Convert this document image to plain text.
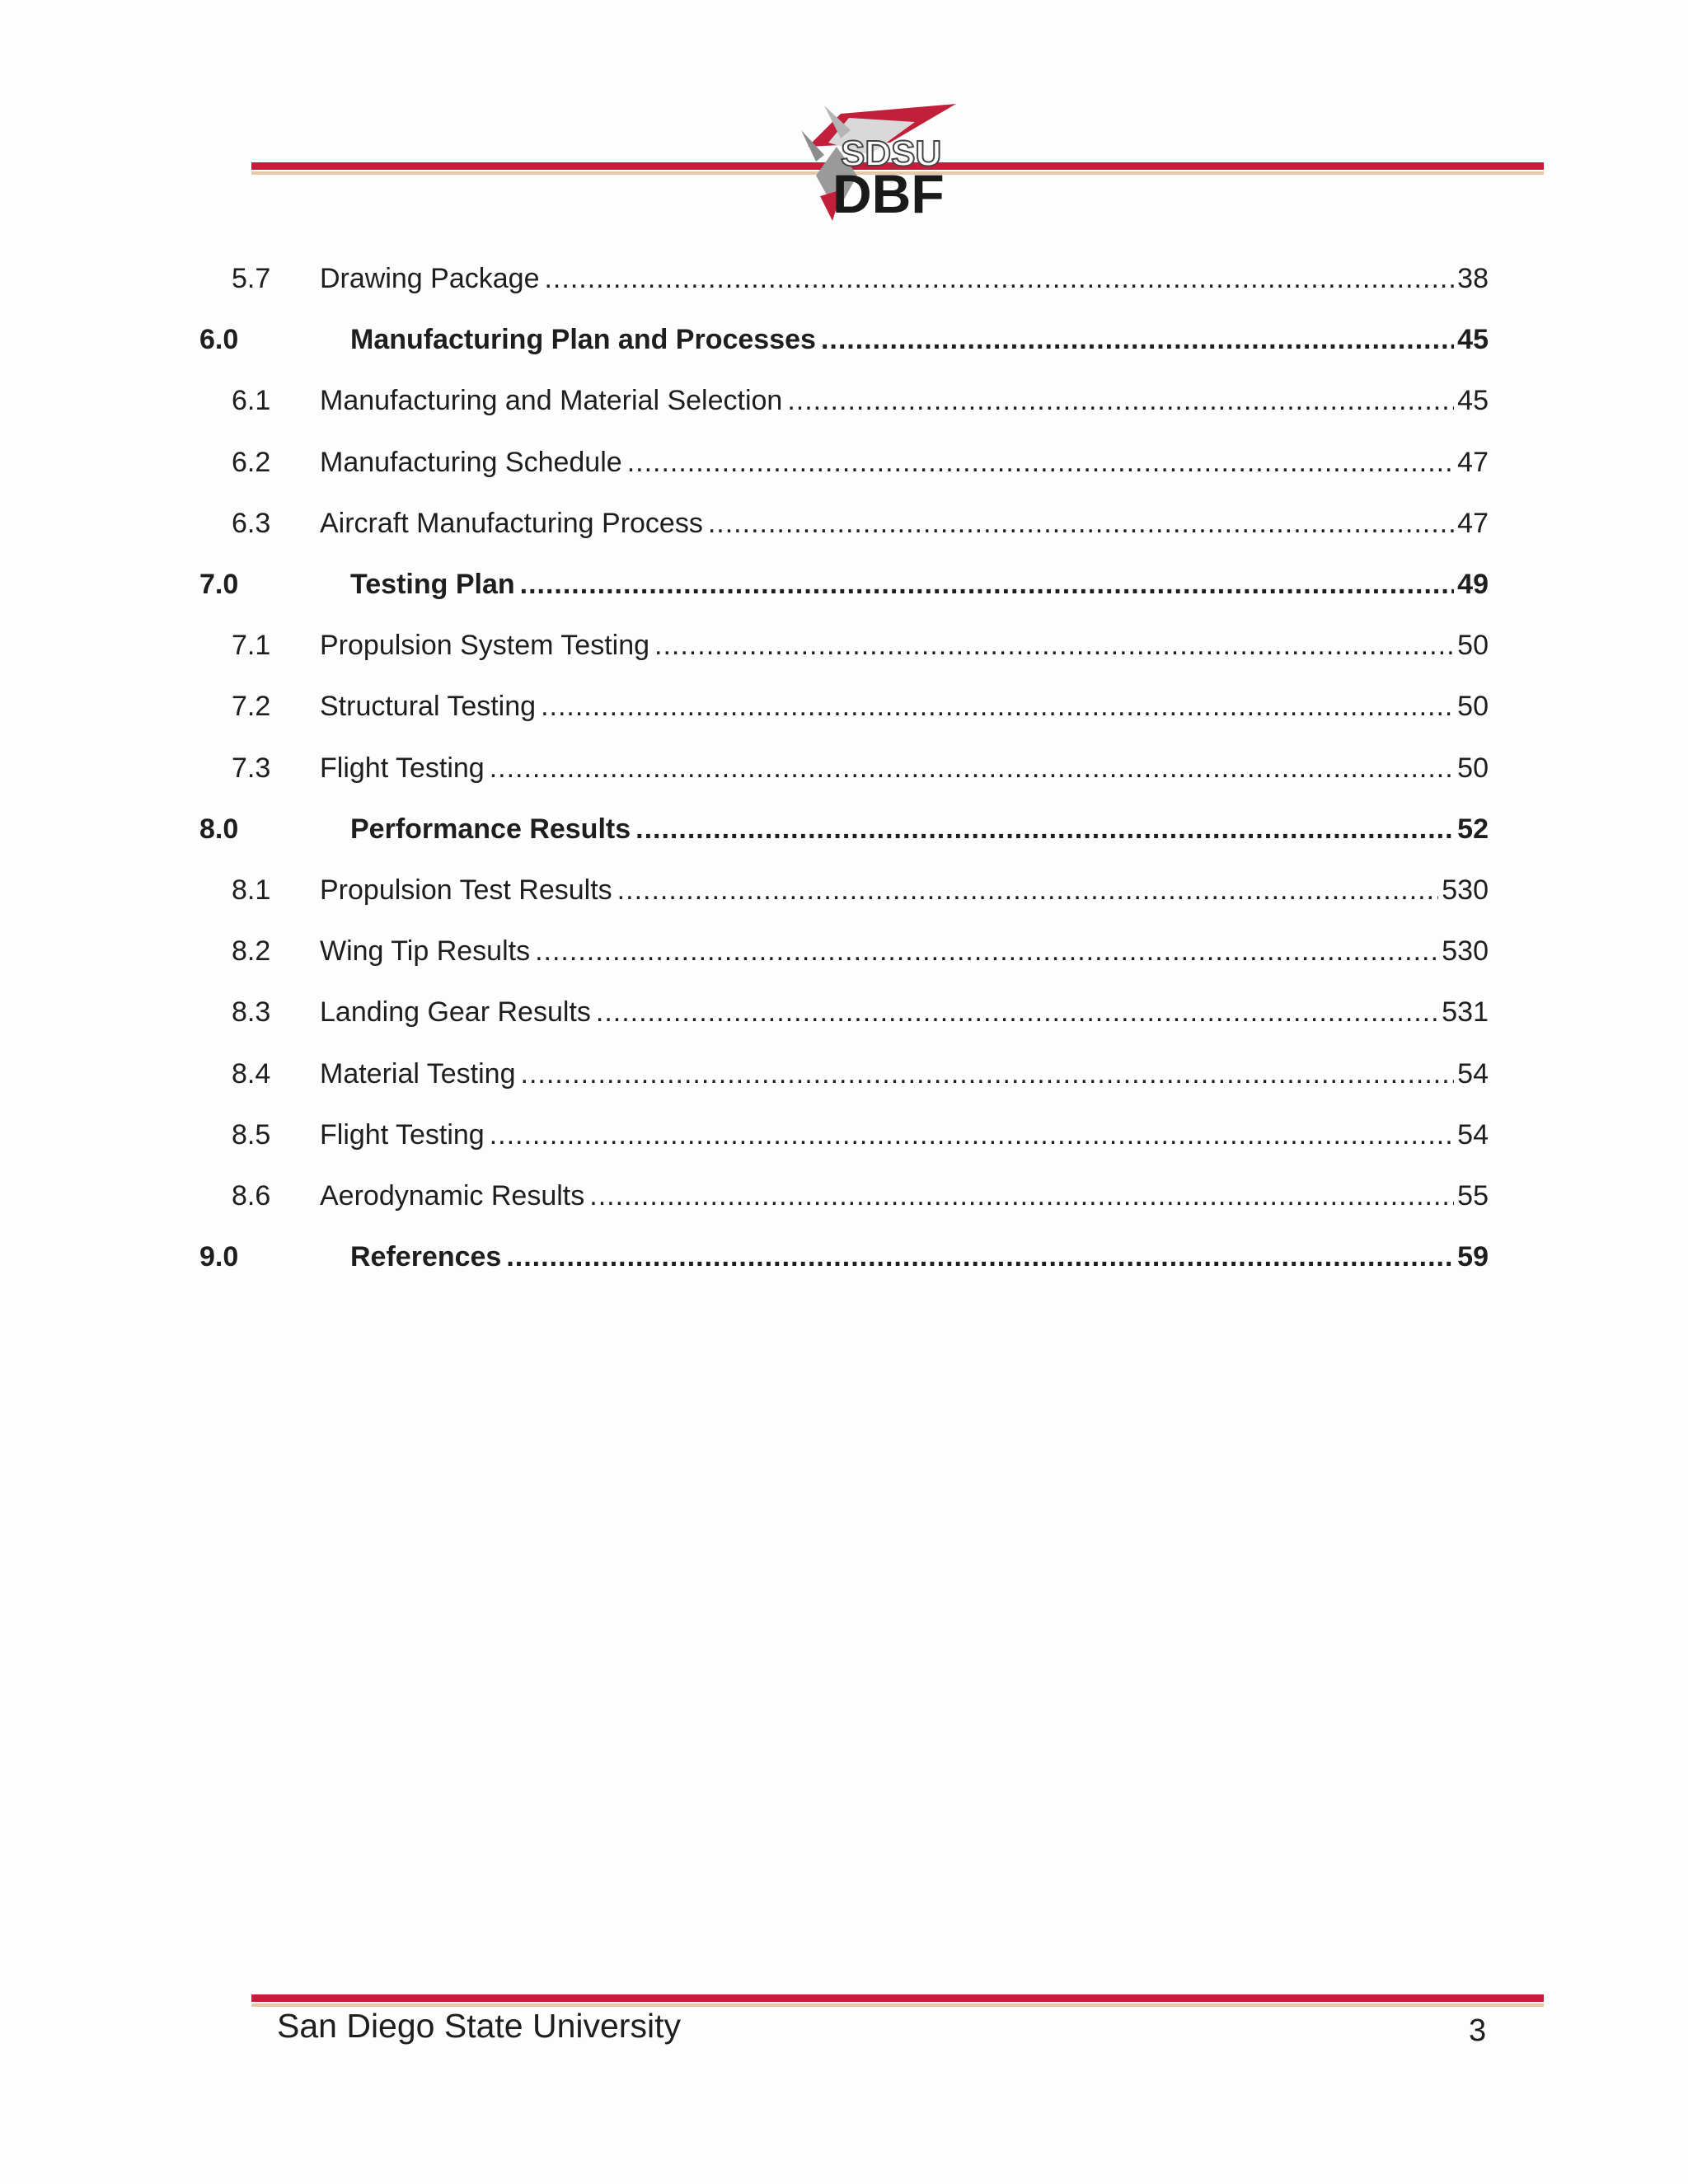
SDSU
DBF
5.7 Drawing Package .....	38
6.0	Manufacturing Plan and Processes .....	45
6.1 Manufacturing and Material Selection .....	45
6.2 Manufacturing Schedule .....	47
6.3 Aircraft Manufacturing Process .....	47
7.0	Testing Plan .....	49
7.1 Propulsion System Testing .....	50
7.2 Structural Testing .....	50
7.3 Flight Testing .....	50
8.0	Performance Results .....	52
8.1 Propulsion Test Results .....	530
8.2 Wing Tip Results .....	530
8.3 Landing Gear Results .....	531
8.4 Material Testing .....	54
8.5 Flight Testing .....	54
8.6 Aerodynamic Results .....	55
9.0	References .....	59
San Diego State University	3
